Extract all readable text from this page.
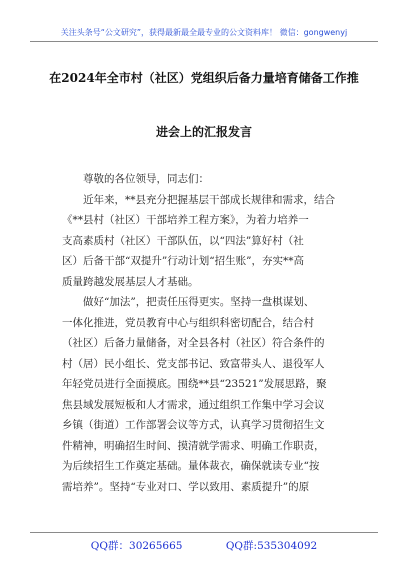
关注头条号“公文研究”，获得最新最全最专业的公文资料库！ 微信：gongwenyj
在2024年全市村（社区）党组织后备力量培育储备工作推
进会上的汇报发言

尊敬的各位领导，同志们：

近年来，**县充分把握基层干部成长规律和需求，结合

《**县村（社区）干部培养工程方案》，为着力培养一

支高素质村（社区）干部队伍，以“四法”算好村（社

区）后备干部“双提升”行动计划“招生账”，夯实**高

质量跨越发展基层人才基础。

做好“加法”，把责任压得更实。坚持一盘棋谋划、

一体化推进，党员教育中心与组织科密切配合，结合村

（社区）后备力量储备，对全县各村（社区）符合条件的

村（居）民小组长、党支部书记、致富带头人、退役军人

年轻党员进行全面摸底。围绕**县“23521”发展思路，聚

焦县域发展短板和人才需求，通过组织工作集中学习会议

乡镇（街道）工作部署会议等方式，认真学习贯彻招生文

件精神，明确招生时间、摸清就学需求、明确工作职责，

为后续招生工作奠定基础。量体裁衣，确保就读专业“按

需培养”。坚持“专业对口、学以致用、素质提升”的原

QQ群：30265665	QQ群:535304092
